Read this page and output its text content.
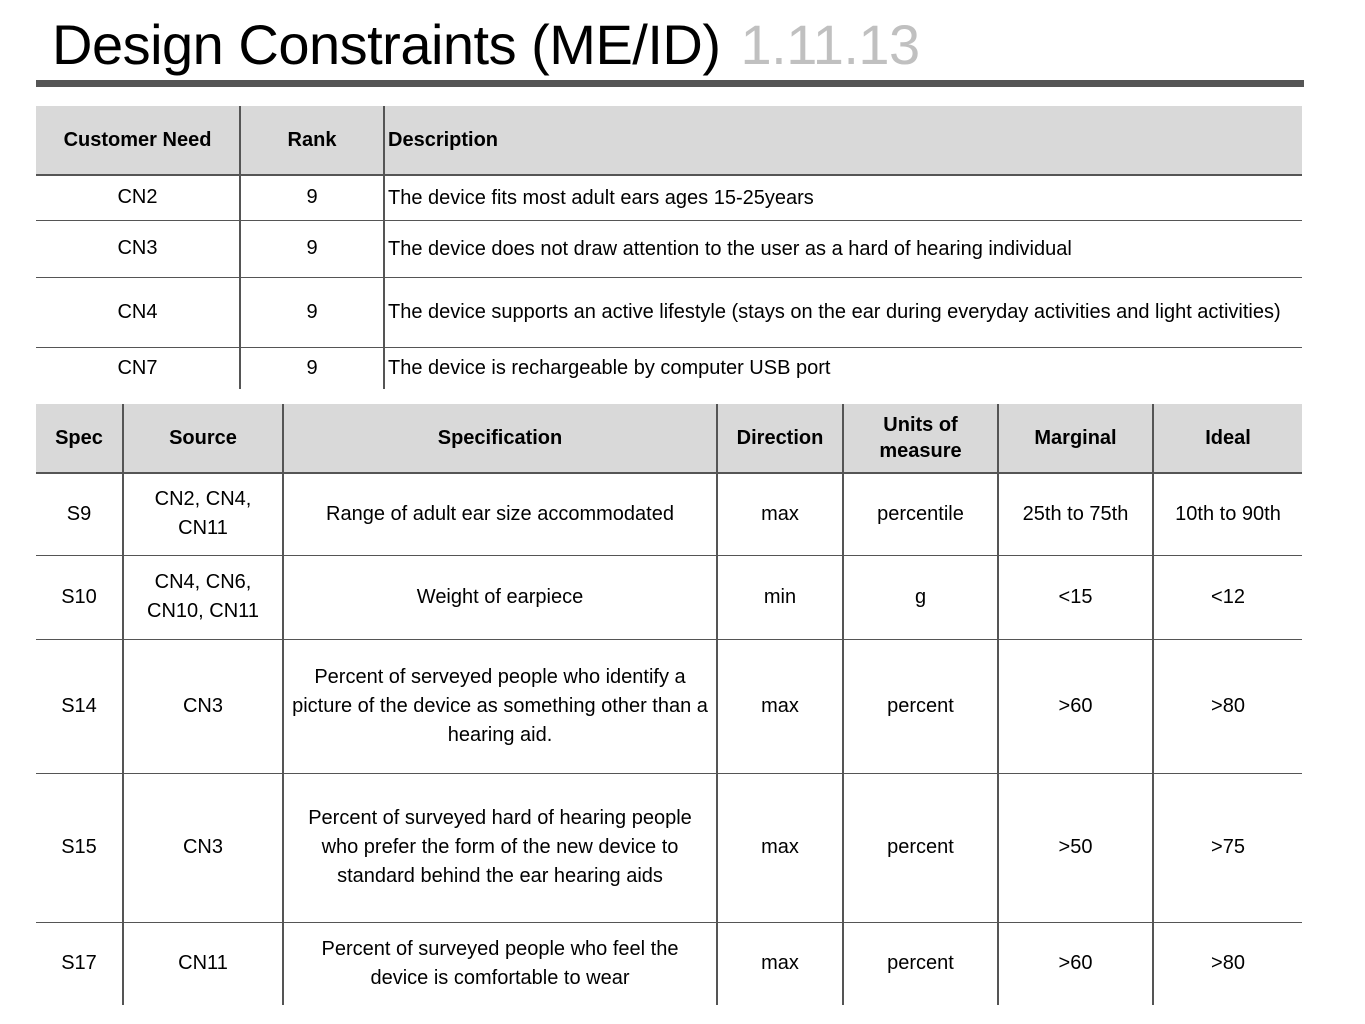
Design Constraints (ME/ID) 1.11.13
Customer Need	Rank	Description
CN2	9	The device fits most adult ears ages 15-25years
CN3	9	The device does not draw attention to the user as a hard of hearing individual
CN4	9	The device supports an active lifestyle (stays on the ear during everyday activities and light activities)
CN7	9	The device is rechargeable by computer USB port
Spec	Source	Specification	Direction	Units of measure	Marginal	Ideal
S9	CN2, CN4, CN11	Range of adult ear size accommodated	max	percentile	25th to 75th	10th to 90th
S10	CN4, CN6, CN10, CN11	Weight of earpiece	min	g	<15	<12
S14	CN3	Percent of serveyed people who identify a picture of the device as something other than a hearing aid.	max	percent	>60	>80
S15	CN3	Percent of surveyed hard of hearing people who prefer the form of the new device to standard behind the ear hearing aids	max	percent	>50	>75
S17	CN11	Percent of surveyed people who feel the device is comfortable to wear	max	percent	>60	>80
